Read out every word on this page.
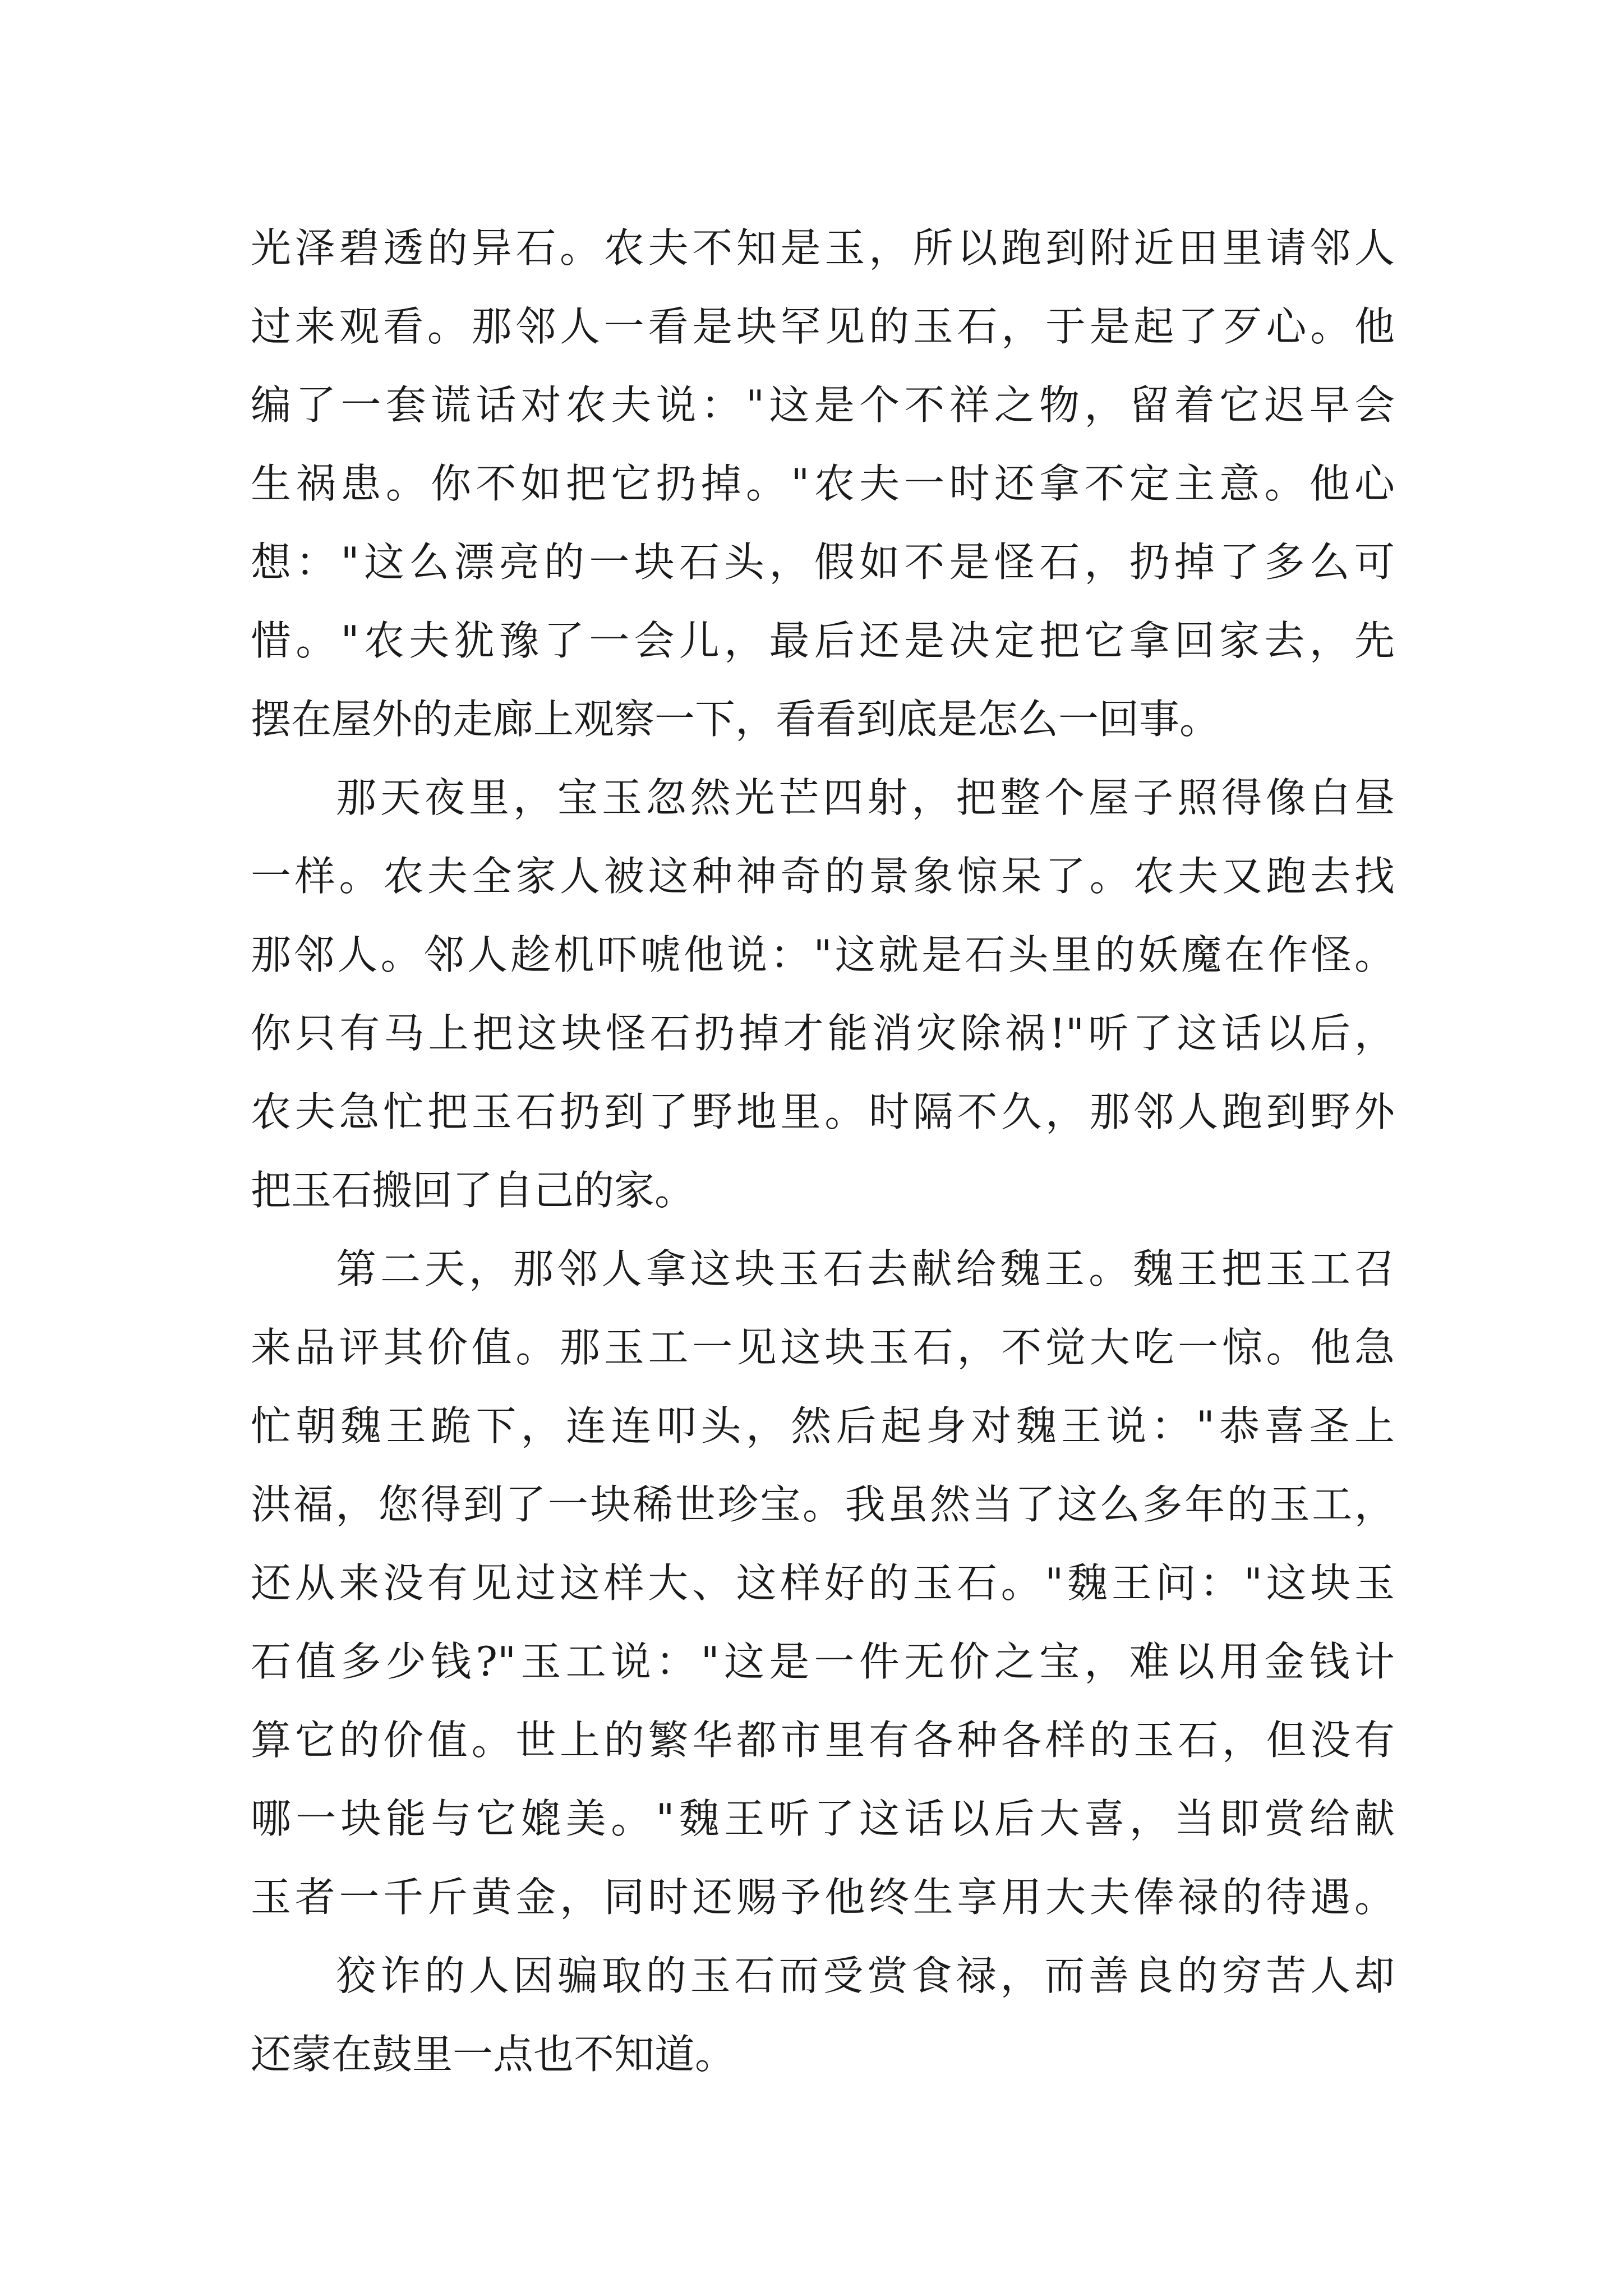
光泽碧透的异石。农夫不知是玉，所以跑到附近田里请邻人
过来观看。那邻人一看是块罕见的玉石，于是起了歹心。他
编了一套谎话对农夫说："这是个不祥之物，留着它迟早会
生祸患。你不如把它扔掉。"农夫一时还拿不定主意。他心
想："这么漂亮的一块石头，假如不是怪石，扔掉了多么可
惜。"农夫犹豫了一会儿，最后还是决定把它拿回家去，先
摆在屋外的走廊上观察一下，看看到底是怎么一回事。
那天夜里，宝玉忽然光芒四射，把整个屋子照得像白昼
一样。农夫全家人被这种神奇的景象惊呆了。农夫又跑去找
那邻人。邻人趁机吓唬他说："这就是石头里的妖魔在作怪。
你只有马上把这块怪石扔掉才能消灾除祸!"听了这话以后，
农夫急忙把玉石扔到了野地里。时隔不久，那邻人跑到野外
把玉石搬回了自己的家。
第二天，那邻人拿这块玉石去献给魏王。魏王把玉工召
来品评其价值。那玉工一见这块玉石，不觉大吃一惊。他急
忙朝魏王跪下，连连叩头，然后起身对魏王说："恭喜圣上
洪福，您得到了一块稀世珍宝。我虽然当了这么多年的玉工，
还从来没有见过这样大、这样好的玉石。"魏王问："这块玉
石值多少钱?"玉工说："这是一件无价之宝，难以用金钱计
算它的价值。世上的繁华都市里有各种各样的玉石，但没有
哪一块能与它媲美。"魏王听了这话以后大喜，当即赏给献
玉者一千斤黄金，同时还赐予他终生享用大夫俸禄的待遇。
狡诈的人因骗取的玉石而受赏食禄，而善良的穷苦人却
还蒙在鼓里一点也不知道。
